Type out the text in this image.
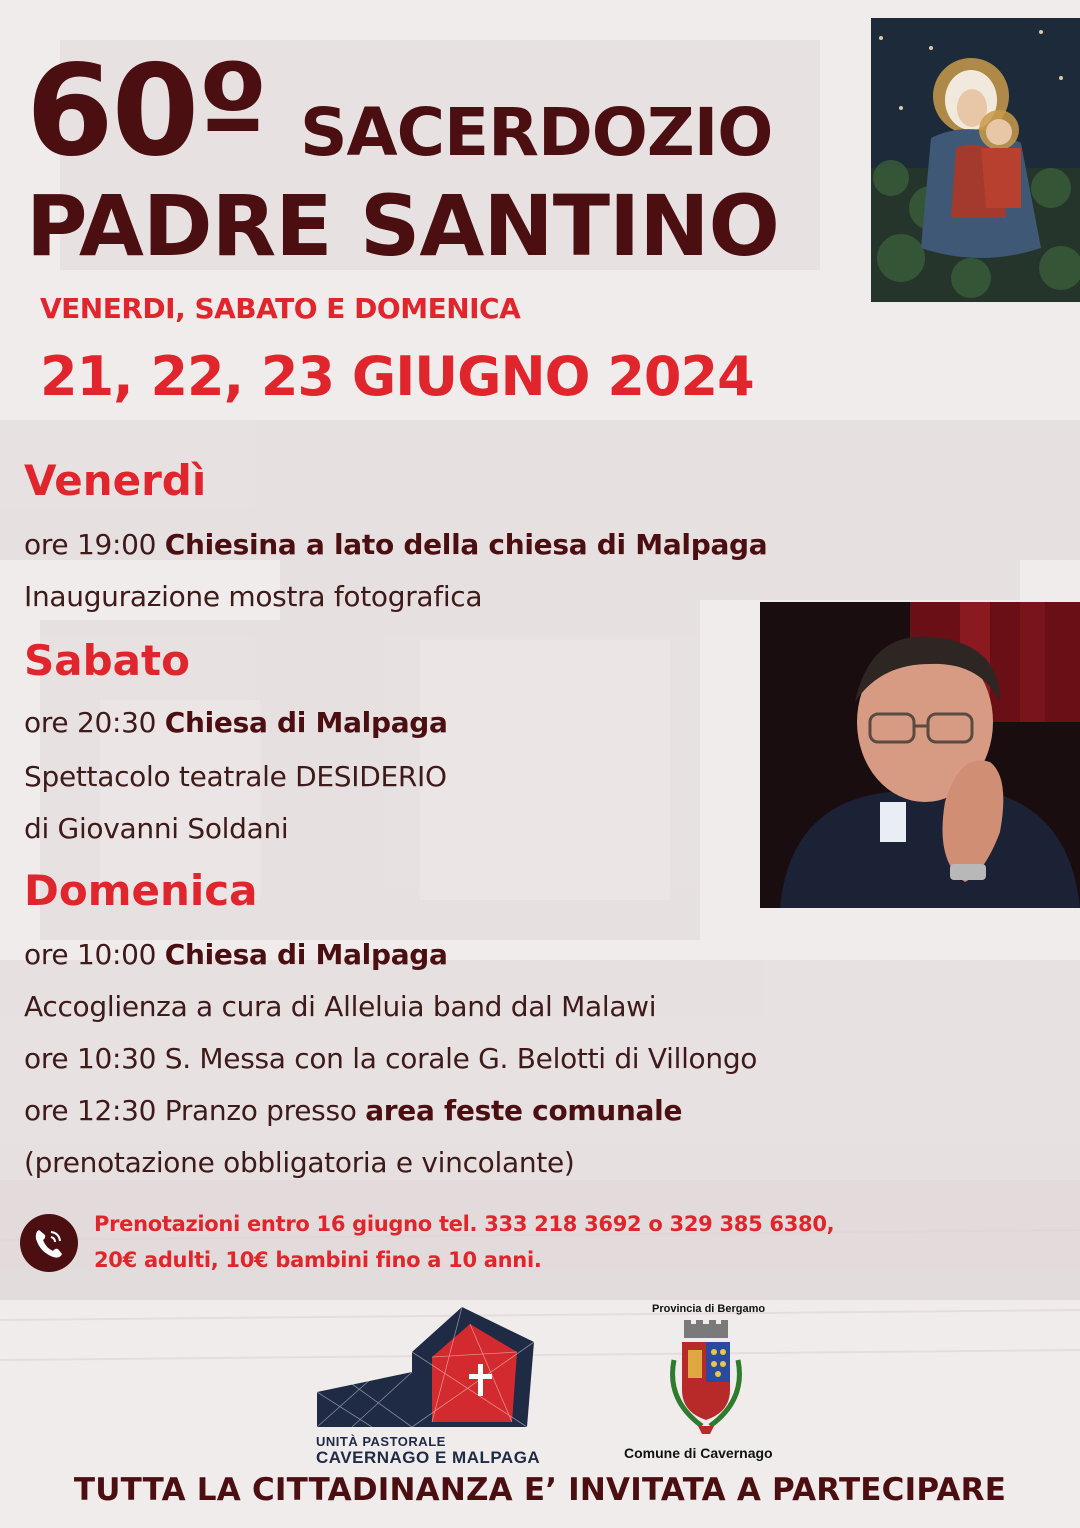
60º SACERDOZIO
PADRE SANTINO
VENERDI, SABATO E DOMENICA
21, 22, 23 GIUGNO 2024
Venerdì
ore 19:00 Chiesina a lato della chiesa di Malpaga
Inaugurazione mostra fotografica
Sabato
ore 20:30 Chiesa di Malpaga
Spettacolo teatrale DESIDERIO
di Giovanni Soldani
Domenica
ore 10:00 Chiesa di Malpaga
Accoglienza a cura di Alleluia band dal Malawi
ore 10:30 S. Messa con la corale G. Belotti di Villongo
ore 12:30 Pranzo presso area feste comunale
(prenotazione obbligatoria e vincolante)
Prenotazioni entro 16 giugno tel. 333 218 3692 o 329 385 6380,
20€ adulti, 10€ bambini fino a 10 anni.
UNITÀ PASTORALE
CAVERNAGO E MALPAGA
Provincia di Bergamo
Comune di Cavernago
TUTTA LA CITTADINANZA E’ INVITATA A PARTECIPARE
